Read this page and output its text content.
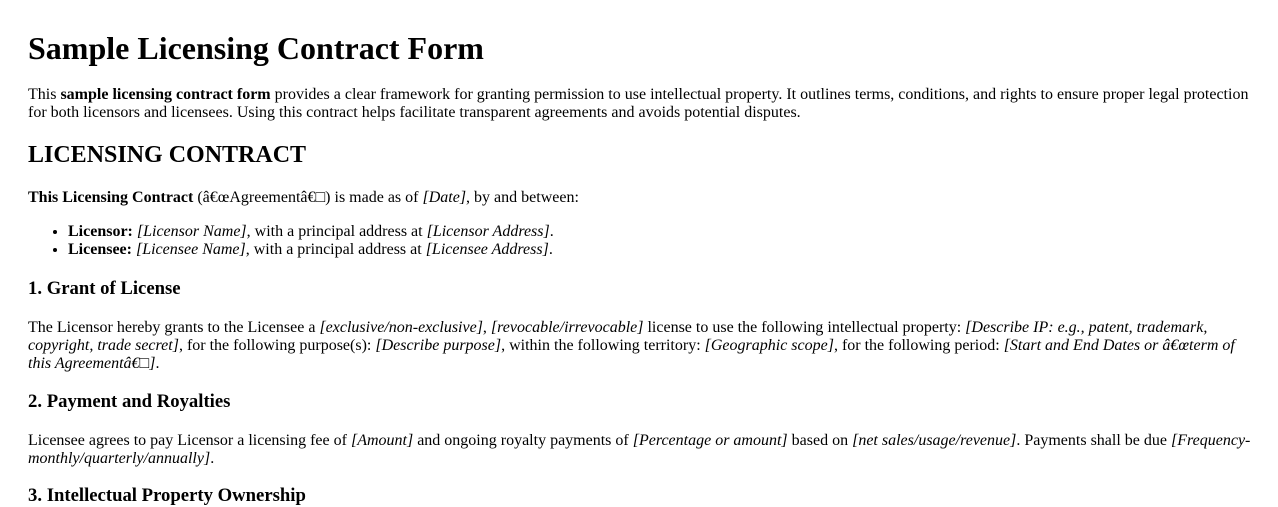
Sample Licensing Contract Form

This sample licensing contract form provides a clear framework for granting permission to use intellectual property. It outlines terms, conditions, and rights to ensure proper legal protection for both licensors and licensees. Using this contract helps facilitate transparent agreements and avoids potential disputes.

LICENSING CONTRACT

This Licensing Contract (â€œAgreementâ€□) is made as of [Date], by and between:

• Licensor: [Licensor Name], with a principal address at [Licensor Address].
• Licensee: [Licensee Name], with a principal address at [Licensee Address].
1. Grant of License

The Licensor hereby grants to the Licensee a [exclusive/non-exclusive], [revocable/irrevocable] license to use the following intellectual property: [Describe IP: e.g., patent, trademark, copyright, trade secret], for the following purpose(s): [Describe purpose], within the following territory: [Geographic scope], for the following period: [Start and End Dates or â€œterm of this Agreementâ€□].

2. Payment and Royalties

Licensee agrees to pay Licensor a licensing fee of [Amount] and ongoing royalty payments of [Percentage or amount] based on [net sales/usage/revenue]. Payments shall be due [Frequency-monthly/quarterly/annually].

3. Intellectual Property Ownership
